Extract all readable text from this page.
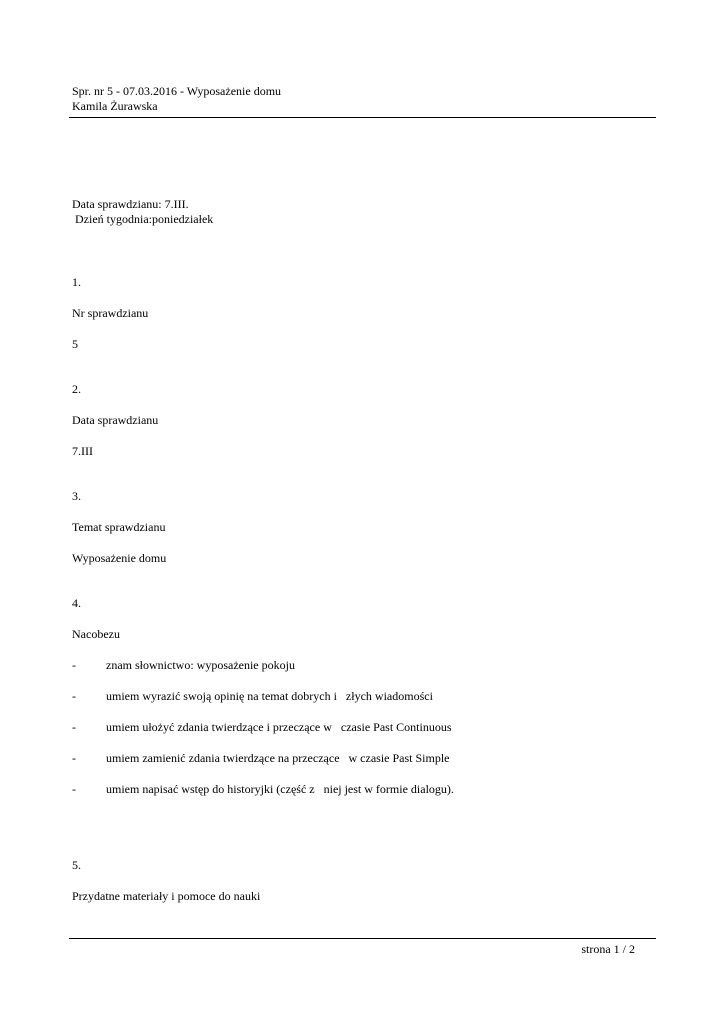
Spr. nr 5 - 07.03.2016 - Wyposażenie domu
Kamila Żurawska
Data sprawdzianu: 7.III.
Dzień tygodnia:poniedziałek
1.
Nr sprawdzianu
5
2.
Data sprawdzianu
7.III
3.
Temat sprawdzianu
Wyposażenie domu
4.
Nacobezu
-	znam słownictwo: wyposażenie pokoju
-	umiem wyrazić swoją opinię na temat dobrych i   złych wiadomości
-	umiem ułożyć zdania twierdzące i przeczące w   czasie Past Continuous
-	umiem zamienić zdania twierdzące na przeczące   w czasie Past Simple
-	umiem napisać wstęp do historyjki (część z   niej jest w formie dialogu).
5.
Przydatne materiały i pomoce do nauki
strona 1 / 2
